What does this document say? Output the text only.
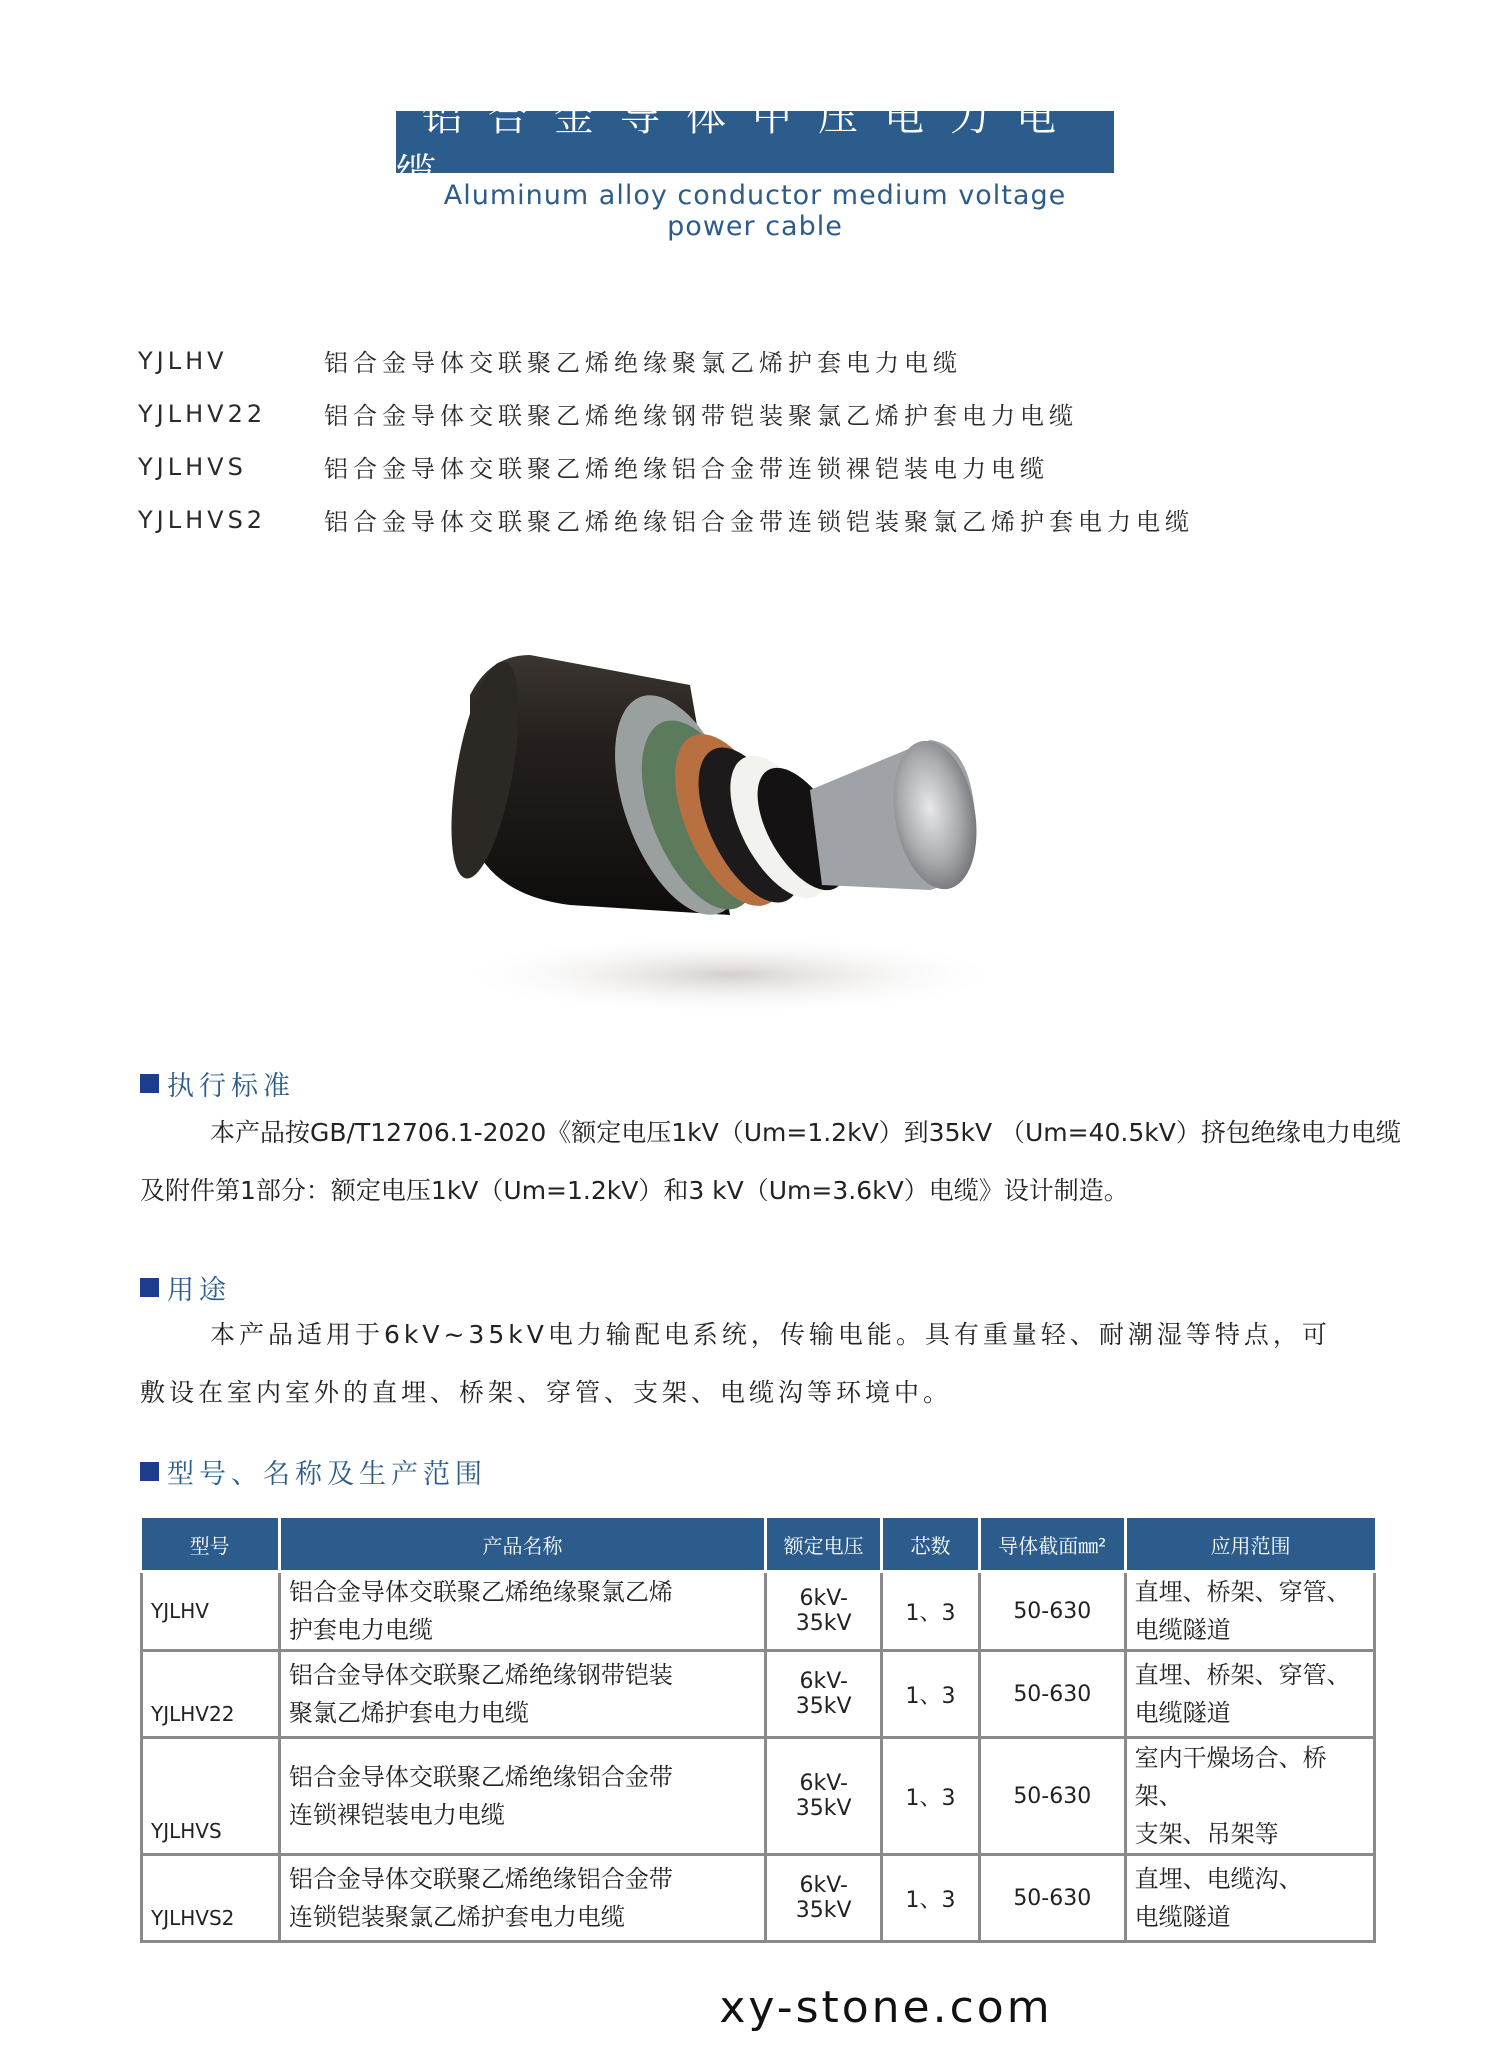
铝合金导体中压电力电缆
Aluminum alloy conductor medium voltage power cable
YJLHV	铝合金导体交联聚乙烯绝缘聚氯乙烯护套电力电缆
YJLHV22	铝合金导体交联聚乙烯绝缘钢带铠装聚氯乙烯护套电力电缆
YJLHVS	铝合金导体交联聚乙烯绝缘铝合金带连锁裸铠装电力电缆
YJLHVS2	铝合金导体交联聚乙烯绝缘铝合金带连锁铠装聚氯乙烯护套电力电缆
执行标准
本产品按GB/T12706.1-2020《额定电压1kV（Um=1.2kV）到35kV （Um=40.5kV）挤包绝缘电力电缆
及附件第1部分：额定电压1kV（Um=1.2kV）和3 kV（Um=3.6kV）电缆》设计制造。
用途
本产品适用于6kV~35kV电力输配电系统，传输电能。具有重量轻、耐潮湿等特点，可
敷设在室内室外的直埋、桥架、穿管、支架、电缆沟等环境中。
型号、名称及生产范围
型号	产品名称	额定电压	芯数	导体截面㎜²	应用范围
YJLHV	铝合金导体交联聚乙烯绝缘聚氯乙烯
护套电力电缆	6kV-35kV	1、3	50-630	直埋、桥架、穿管、
电缆隧道
YJLHV22	铝合金导体交联聚乙烯绝缘钢带铠装
聚氯乙烯护套电力电缆	6kV-35kV	1、3	50-630	直埋、桥架、穿管、
电缆隧道
YJLHVS	铝合金导体交联聚乙烯绝缘铝合金带
连锁裸铠装电力电缆	6kV-35kV	1、3	50-630	室内干燥场合、桥架、
支架、吊架等
YJLHVS2	铝合金导体交联聚乙烯绝缘铝合金带
连锁铠装聚氯乙烯护套电力电缆	6kV-35kV	1、3	50-630	直埋、电缆沟、
电缆隧道
xy-stone.com
